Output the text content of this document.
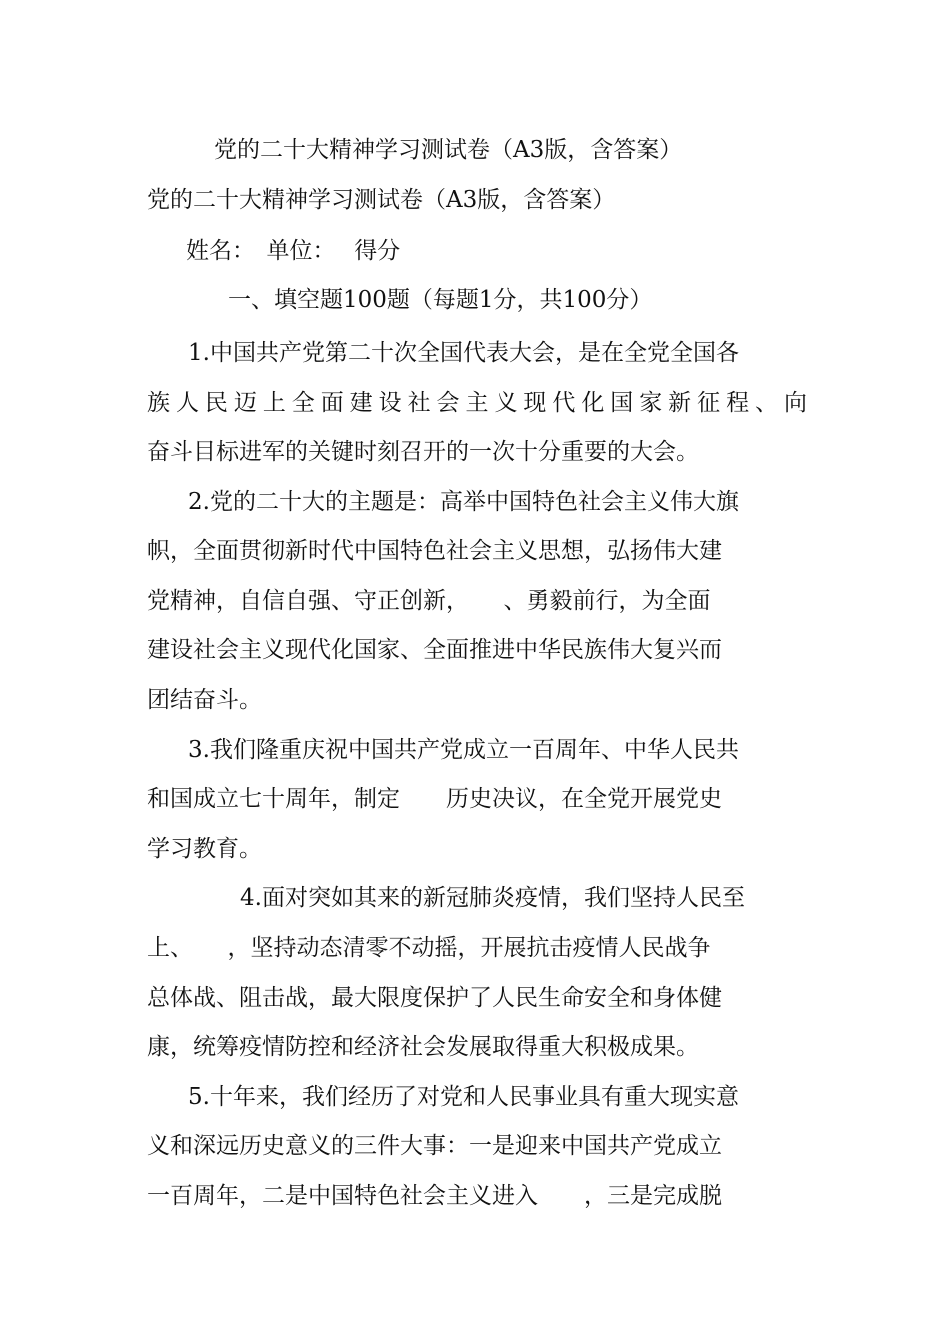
党的二十大精神学习测试卷（A3版，含答案）
党的二十大精神学习测试卷（A3版，含答案）
姓名：　单位：　 得分
一、填空题100题（每题1分，共100分）
1.中国共产党第二十次全国代表大会，是在全党全国各
族人民迈上全面建设社会主义现代化国家新征程、向
奋斗目标进军的关键时刻召开的一次十分重要的大会。
2.党的二十大的主题是：高举中国特色社会主义伟大旗
帜，全面贯彻新时代中国特色社会主义思想，弘扬伟大建
党精神，自信自强、守正创新，　　、勇毅前行，为全面
建设社会主义现代化国家、全面推进中华民族伟大复兴而
团结奋斗。
3.我们隆重庆祝中国共产党成立一百周年、中华人民共
和国成立七十周年，制定　　历史决议，在全党开展党史
学习教育。
4.面对突如其来的新冠肺炎疫情，我们坚持人民至
上、　　，坚持动态清零不动摇，开展抗击疫情人民战争
总体战、阻击战，最大限度保护了人民生命安全和身体健
康，统筹疫情防控和经济社会发展取得重大积极成果。
5.十年来，我们经历了对党和人民事业具有重大现实意
义和深远历史意义的三件大事：一是迎来中国共产党成立
一百周年，二是中国特色社会主义进入　　，三是完成脱
